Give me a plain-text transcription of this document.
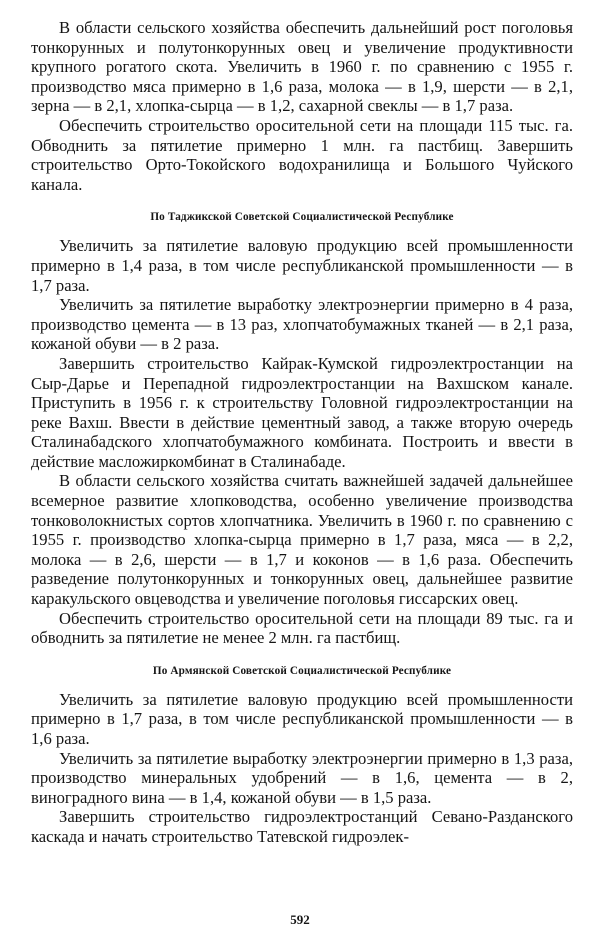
В области сельского хозяйства обеспечить дальнейший рост поголовья тонкорунных и полутонкорунных овец и увеличение продуктивности крупного рогатого скота. Увеличить в 1960 г. по сравнению с 1955 г. производство мяса примерно в 1,6 раза, молока — в 1,9, шерсти — в 2,1, зерна — в 2,1, хлопка-сырца — в 1,2, сахарной свеклы — в 1,7 раза.

Обеспечить строительство оросительной сети на площади 115 тыс. га. Обводнить за пятилетие примерно 1 млн. га пастбищ. Завершить строительство Орто-Токойского водохранилища и Большого Чуйского канала.

По Таджикской Советской Социалистической Республике

Увеличить за пятилетие валовую продукцию всей промышленности примерно в 1,4 раза, в том числе республиканской промышленности — в 1,7 раза.

Увеличить за пятилетие выработку электроэнергии примерно в 4 раза, производство цемента — в 13 раз, хлопчатобумажных тканей — в 2,1 раза, кожаной обуви — в 2 раза.

Завершить строительство Кайрак-Кумской гидроэлектростанции на Сыр-Дарье и Перепадной гидроэлектростанции на Вахшском канале. Приступить в 1956 г. к строительству Головной гидроэлектростанции на реке Вахш. Ввести в действие цементный завод, а также вторую очередь Сталинабадского хлопчатобумажного комбината. Построить и ввести в действие масложиркомбинат в Сталинабаде.

В области сельского хозяйства считать важнейшей задачей дальнейшее всемерное развитие хлопководства, особенно увеличение производства тонковолокнистых сортов хлопчатника. Увеличить в 1960 г. по сравнению с 1955 г. производство хлопка-сырца примерно в 1,7 раза, мяса — в 2,2, молока — в 2,6, шерсти — в 1,7 и коконов — в 1,6 раза. Обеспечить разведение полутонкорунных и тонкорунных овец, дальнейшее развитие каракульского овцеводства и увеличение поголовья гиссарских овец.

Обеспечить строительство оросительной сети на площади 89 тыс. га и обводнить за пятилетие не менее 2 млн. га пастбищ.

По Армянской Советской Социалистической Республике

Увеличить за пятилетие валовую продукцию всей промышленности примерно в 1,7 раза, в том числе республиканской промышленности — в 1,6 раза.

Увеличить за пятилетие выработку электроэнергии примерно в 1,3 раза, производство минеральных удобрений — в 1,6, цемента — в 2, виноградного вина — в 1,4, кожаной обуви — в 1,5 раза.

Завершить строительство гидроэлектростанций Севано-Разданского каскада и начать строительство Татевской гидроэлек-

592
